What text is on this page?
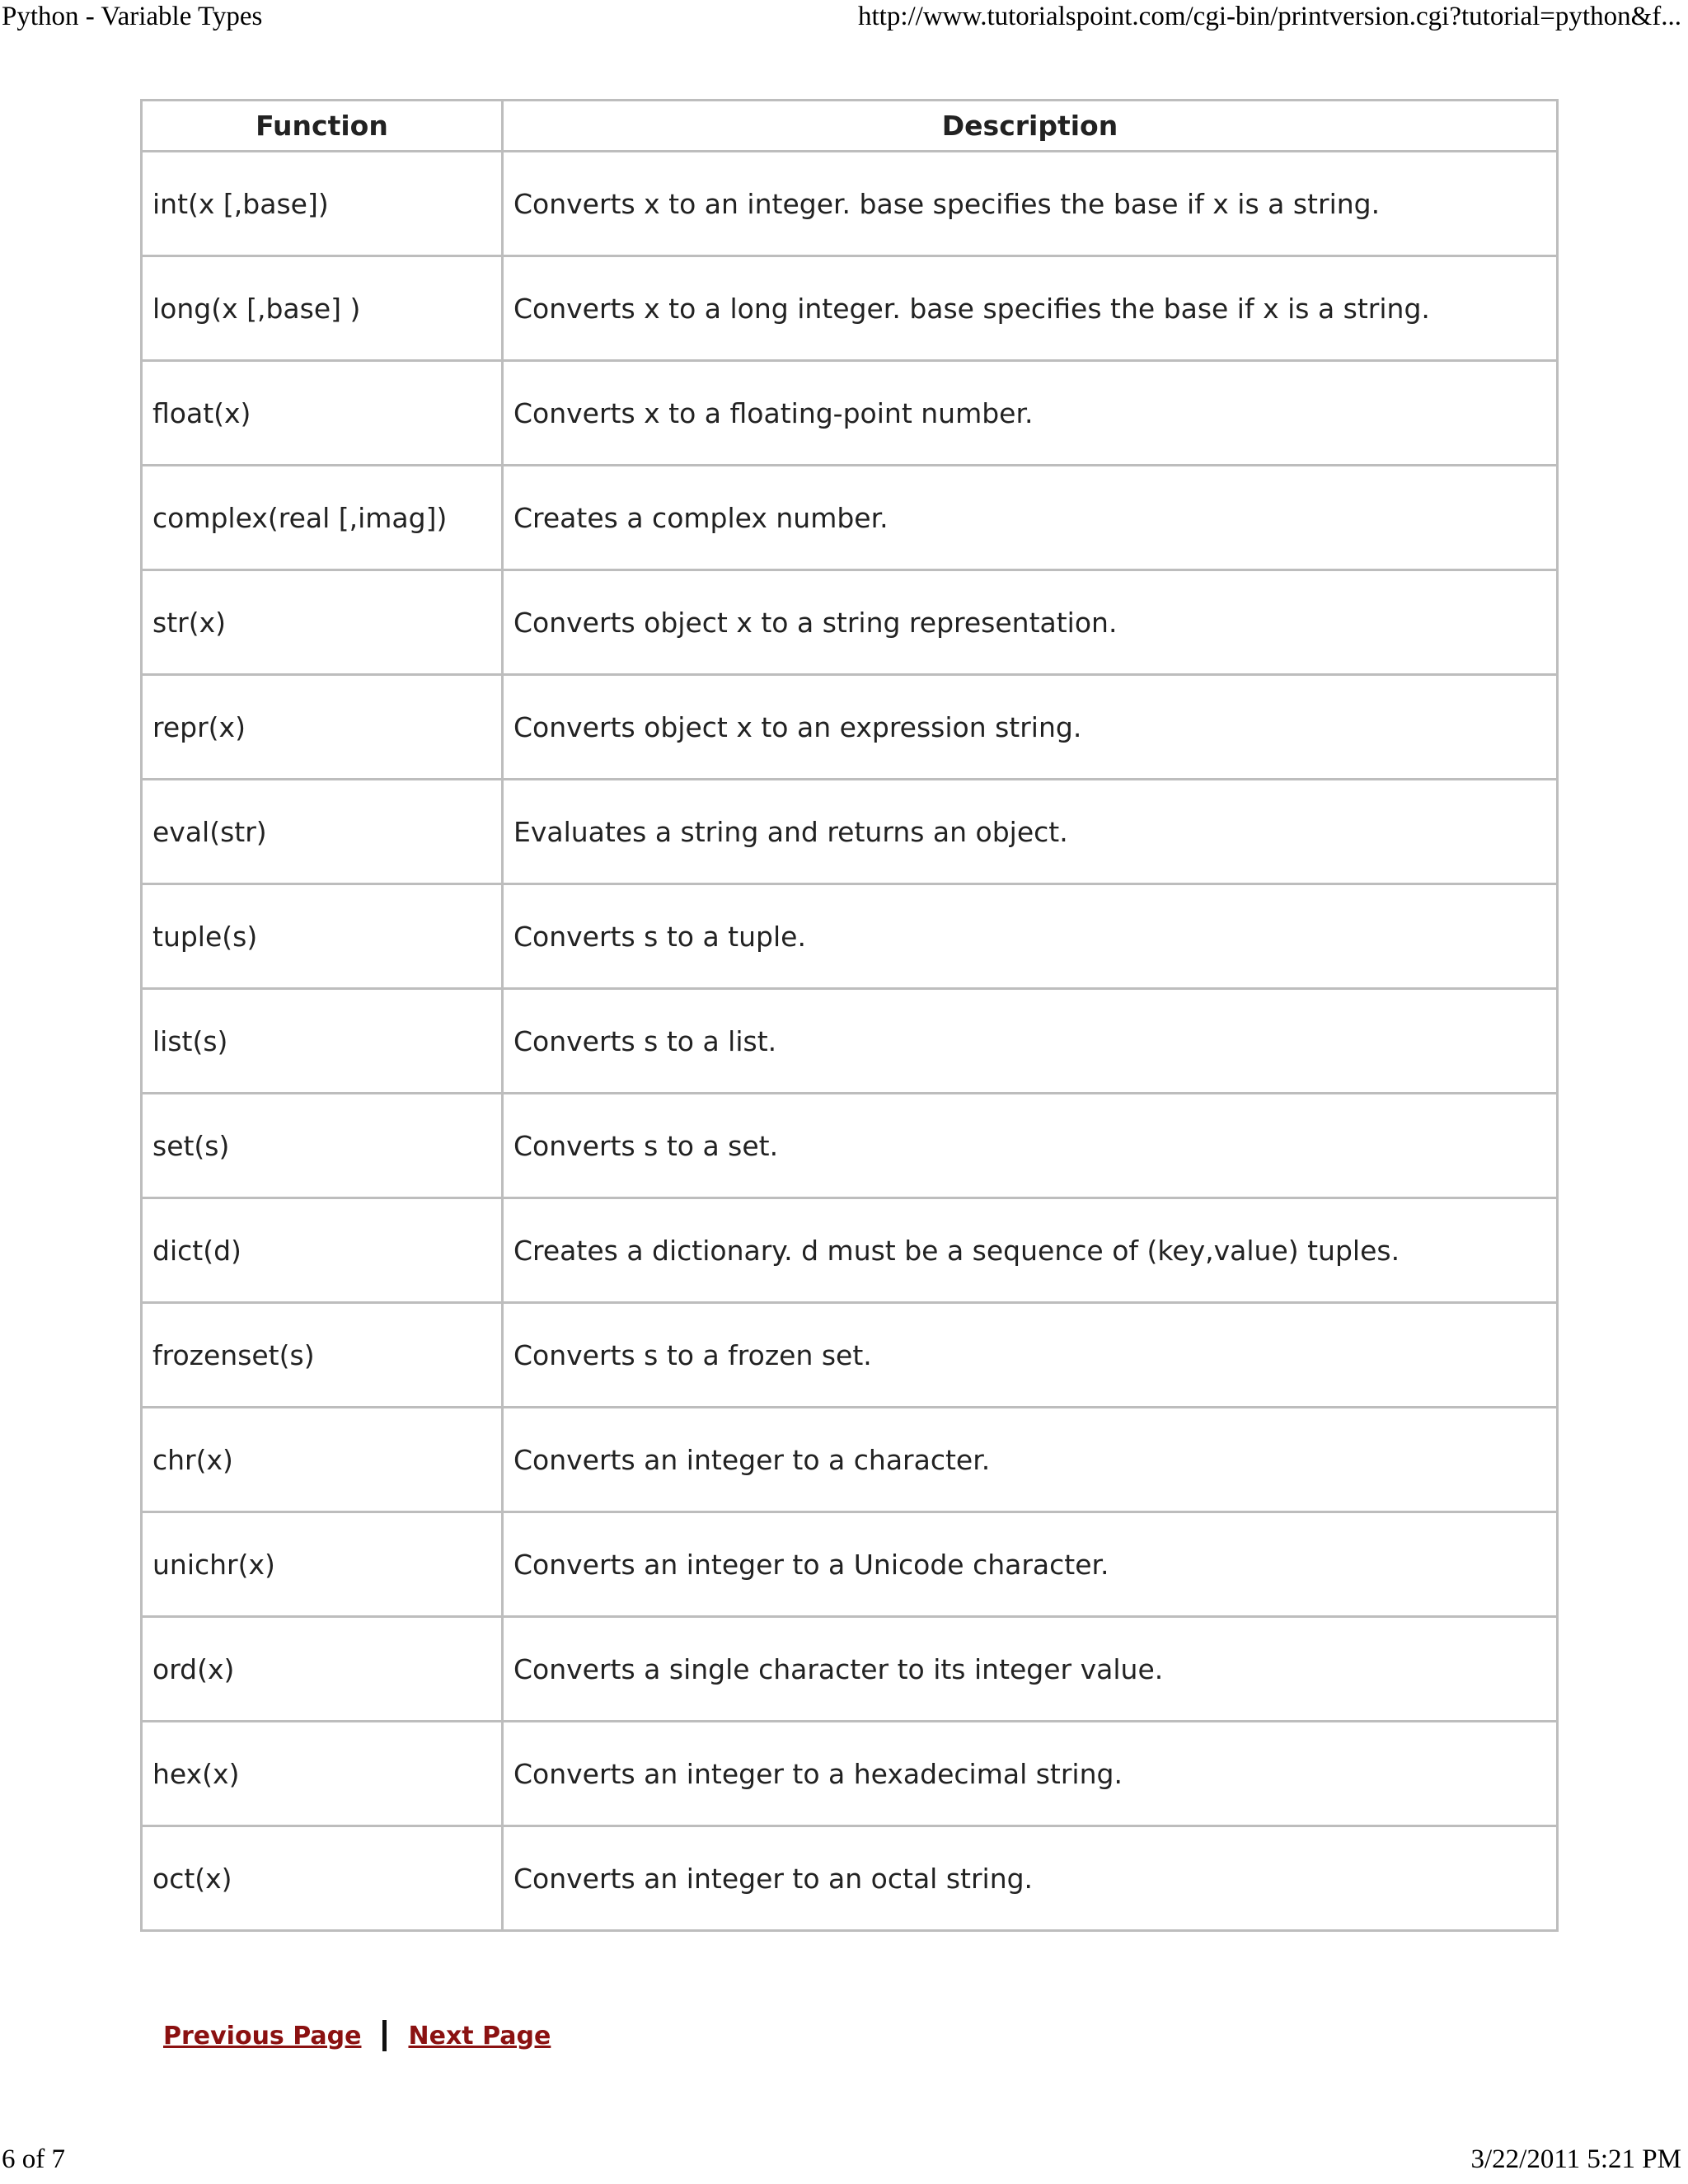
Python - Variable Types	http://www.tutorialspoint.com/cgi-bin/printversion.cgi?tutorial=python&f...
Function	Description
int(x [,base])	Converts x to an integer. base specifies the base if x is a string.
long(x [,base] )	Converts x to a long integer. base specifies the base if x is a string.
float(x)	Converts x to a floating-point number.
complex(real [,imag])	Creates a complex number.
str(x)	Converts object x to a string representation.
repr(x)	Converts object x to an expression string.
eval(str)	Evaluates a string and returns an object.
tuple(s)	Converts s to a tuple.
list(s)	Converts s to a list.
set(s)	Converts s to a set.
dict(d)	Creates a dictionary. d must be a sequence of (key,value) tuples.
frozenset(s)	Converts s to a frozen set.
chr(x)	Converts an integer to a character.
unichr(x)	Converts an integer to a Unicode character.
ord(x)	Converts a single character to its integer value.
hex(x)	Converts an integer to a hexadecimal string.
oct(x)	Converts an integer to an octal string.
Previous Page Next Page
6 of 7	3/22/2011 5:21 PM
